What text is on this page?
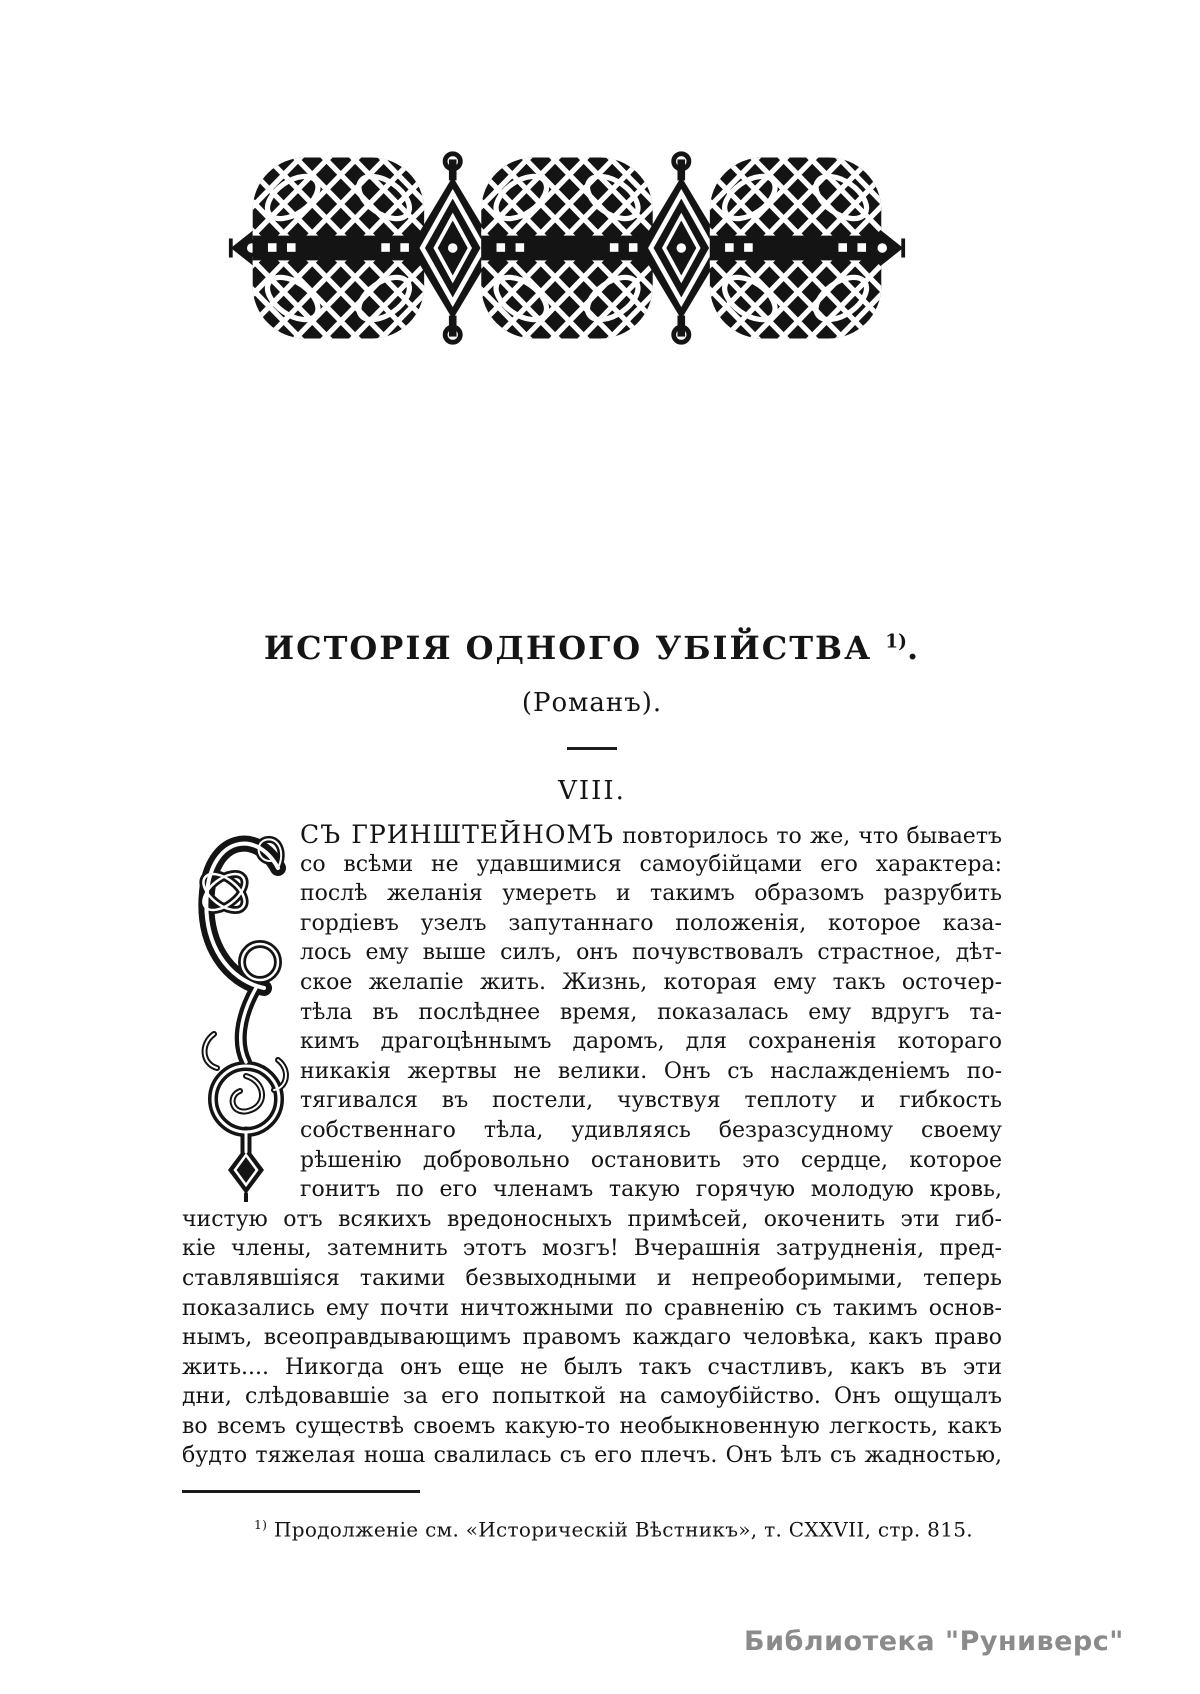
ИСТОРІЯ ОДНОГО УБІЙСТВА $^{1)}$.
(Романъ).
VIII.
СЪ ГРИНШТЕЙНОМЪ повторилось то же, что бываетъ
со всѣми не удавшимися самоубійцами его характера:
послѣ желанія умереть и такимъ образомъ разрубить
гордіевъ узелъ запутаннаго положенія, которое каза-
лось ему выше силъ, онъ почувствовалъ страстное, дѣт-
ское желапіе жить. Жизнь, которая ему такъ осточер-
тѣла въ послѣднее время, показалась ему вдругъ та-
кимъ драгоцѣннымъ даромъ, для сохраненія котораго
никакія жертвы не велики. Онъ съ наслажденіемъ по-
тягивался въ постели, чувствуя теплоту и гибкость
собственнаго тѣла, удивляясь безразсудному своему
рѣшенію добровольно остановить это сердце, которое
гонитъ по его членамъ такую горячую молодую кровь,
чистую отъ всякихъ вредоносныхъ примѣсей, окоченить эти гиб-
кіе члены, затемнить этотъ мозгъ! Вчерашнія затрудненія, пред-
ставлявшіяся такими безвыходными и непреоборимыми, теперь
показались ему почти ничтожными по сравненію съ такимъ основ-
нымъ, всеоправдывающимъ правомъ каждаго человѣка, какъ право
жить.... Никогда онъ еще не былъ такъ счастливъ, какъ въ эти
дни, слѣдовавшіе за его попыткой на самоубійство. Онъ ощущалъ
во всемъ существѣ своемъ какую-то необыкновенную легкость, какъ
будто тяжелая ноша свалилась съ его плечъ. Онъ ѣлъ съ жадностью,
$^{1)}$ Продолженіе см. «Историческій Вѣстникъ», т. CXXVII, стр. 815.
Библиотека "Руниверс"
